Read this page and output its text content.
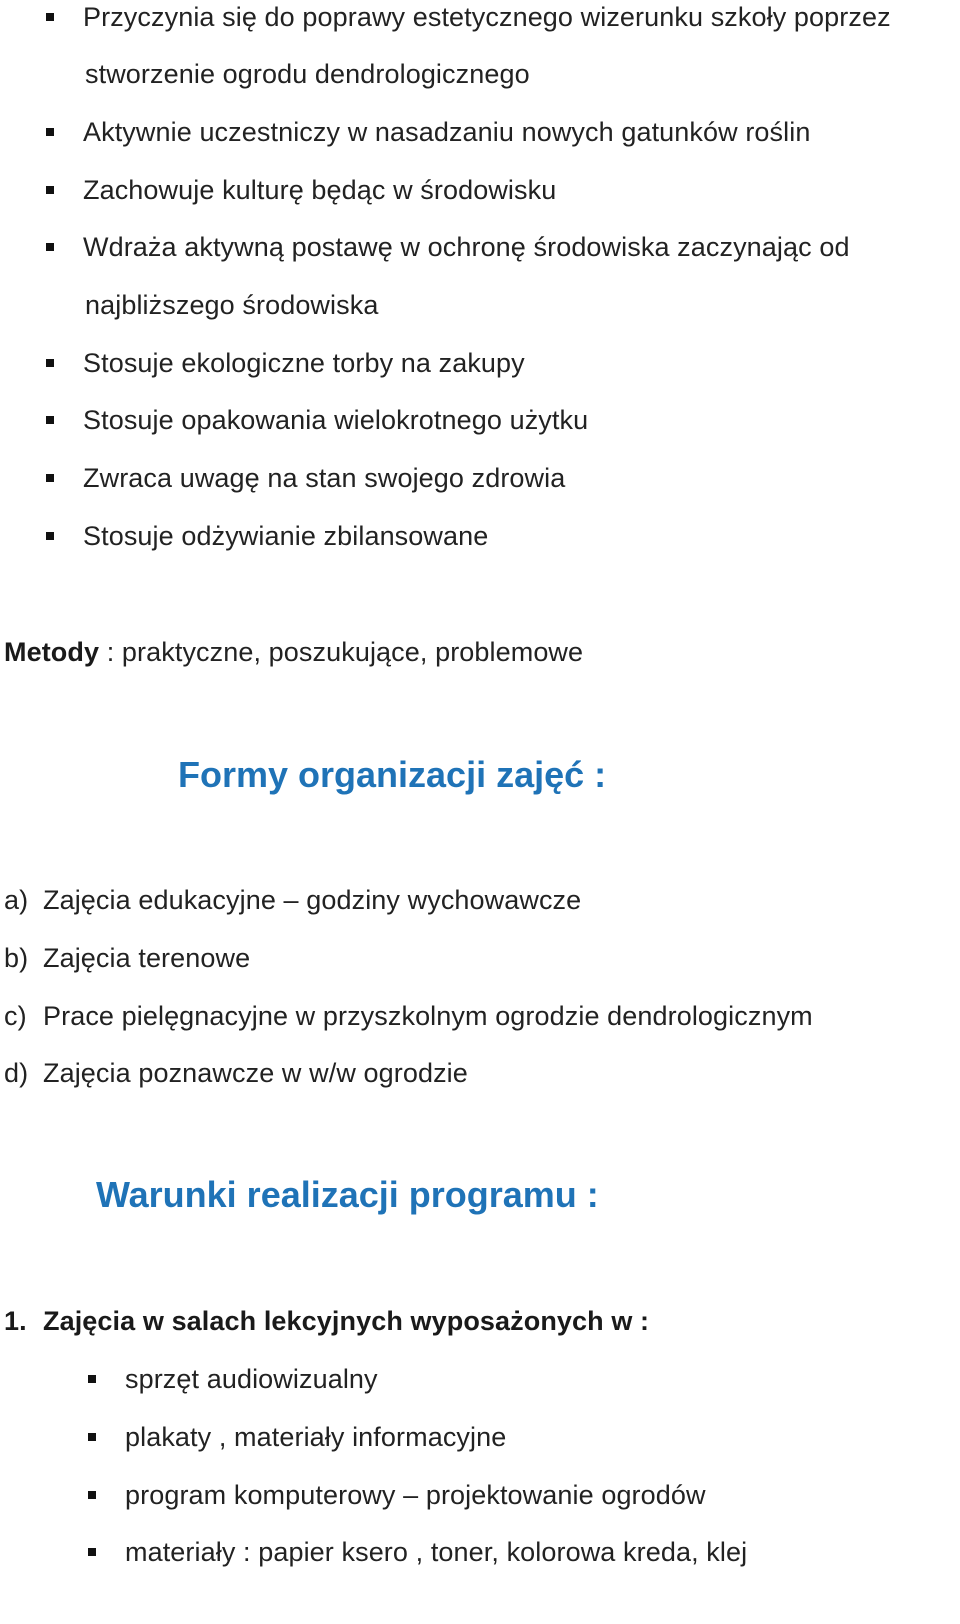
Przyczynia się do poprawy estetycznego wizerunku szkoły poprzez
stworzenie ogrodu dendrologicznego
Aktywnie uczestniczy w nasadzaniu nowych gatunków roślin
Zachowuje kulturę będąc w środowisku
Wdraża aktywną postawę w ochronę środowiska zaczynając od
najbliższego środowiska
Stosuje ekologiczne torby na zakupy
Stosuje opakowania wielokrotnego użytku
Zwraca uwagę na stan swojego zdrowia
Stosuje odżywianie zbilansowane
Metody : praktyczne, poszukujące, problemowe
Formy organizacji zajęć :
a) Zajęcia edukacyjne – godziny wychowawcze
b) Zajęcia terenowe
c) Prace pielęgnacyjne w przyszkolnym ogrodzie dendrologicznym
d) Zajęcia poznawcze w w/w ogrodzie
Warunki realizacji programu :
1. Zajęcia w salach lekcyjnych wyposażonych w :
sprzęt audiowizualny
plakaty , materiały informacyjne
program komputerowy – projektowanie ogrodów
materiały : papier ksero , toner, kolorowa kreda, klej
